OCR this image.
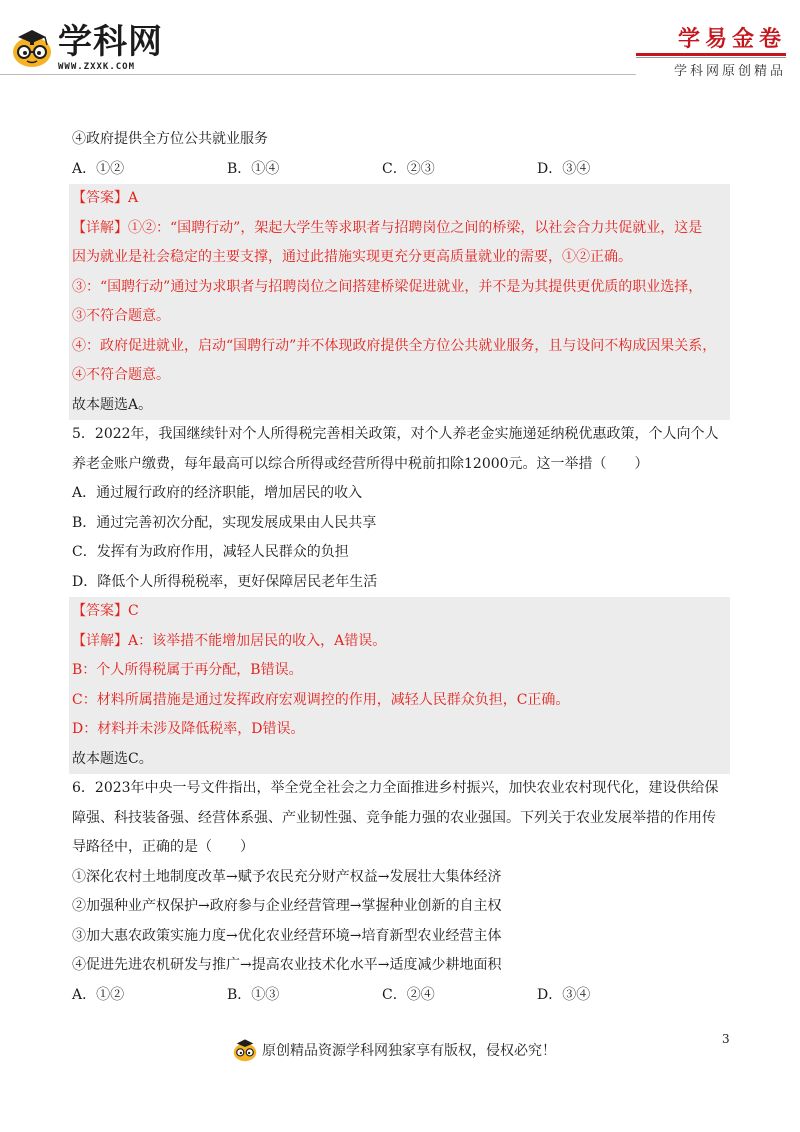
学科网
WWW.ZXXK.COM
学易金卷
学科网原创精品
④政府提供全方位公共就业服务
A．①②	B．①④	C．②③	D．③④
【答案】A
【详解】①②：“国聘行动”，架起大学生等求职者与招聘岗位之间的桥梁，以社会合力共促就业，这是
因为就业是社会稳定的主要支撑，通过此措施实现更充分更高质量就业的需要，①②正确。
③：“国聘行动”通过为求职者与招聘岗位之间搭建桥梁促进就业，并不是为其提供更优质的职业选择，
③不符合题意。
④：政府促进就业，启动“国聘行动”并不体现政府提供全方位公共就业服务，且与设问不构成因果关系，
④不符合题意。
故本题选A。
5．2022年，我国继续针对个人所得税完善相关政策，对个人养老金实施递延纳税优惠政策，个人向个人
养老金账户缴费，每年最高可以综合所得或经营所得中税前扣除12000元。这一举措（　　）
A．通过履行政府的经济职能，增加居民的收入
B．通过完善初次分配，实现发展成果由人民共享
C．发挥有为政府作用，减轻人民群众的负担
D．降低个人所得税税率，更好保障居民老年生活
【答案】C
【详解】A：该举措不能增加居民的收入，A错误。
B：个人所得税属于再分配，B错误。
C：材料所属措施是通过发挥政府宏观调控的作用，减轻人民群众负担，C正确。
D：材料并未涉及降低税率，D错误。
故本题选C。
6．2023年中央一号文件指出，举全党全社会之力全面推进乡村振兴，加快农业农村现代化，建设供给保
障强、科技装备强、经营体系强、产业韧性强、竞争能力强的农业强国。下列关于农业发展举措的作用传
导路径中，正确的是（　　）
①深化农村土地制度改革→赋予农民充分财产权益→发展壮大集体经济
②加强种业产权保护→政府参与企业经营管理→掌握种业创新的自主权
③加大惠农政策实施力度→优化农业经营环境→培育新型农业经营主体
④促进先进农机研发与推广→提高农业技术化水平→适度减少耕地面积
A．①②	B．①③	C．②④	D．③④
3
原创精品资源学科网独家享有版权，侵权必究！
